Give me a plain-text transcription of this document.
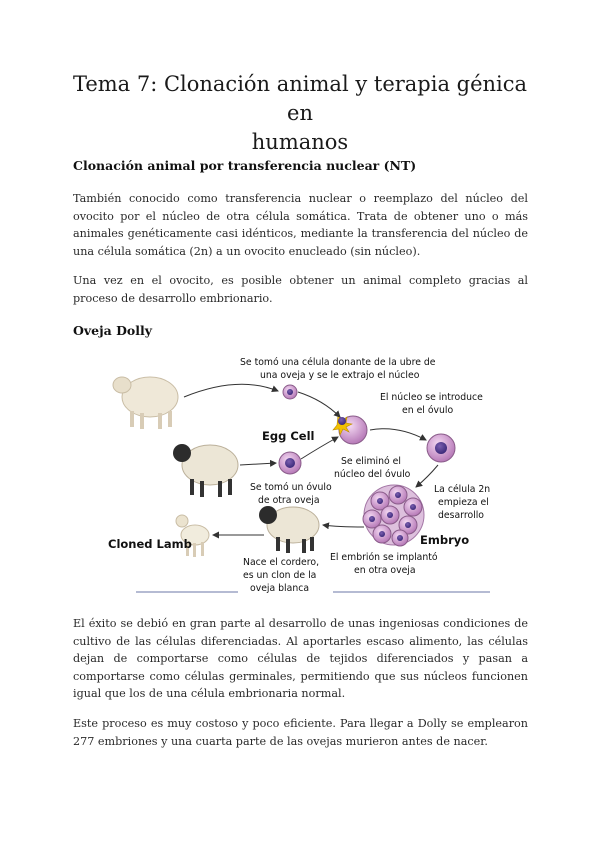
Tema 7: Clonación animal y terapia génica en
humanos
Clonación animal por transferencia nuclear (NT)

También conocido como transferencia nuclear o reemplazo del núcleo del ovocito por el núcleo de otra célula somática. Trata de obtener uno o más animales genéticamente casi idénticos, mediante la transferencia del núcleo de una célula somática (2n) a un ovocito enucleado (sin núcleo).

Una vez en el ovocito, es posible obtener un animal completo gracias al proceso de desarrollo embrionario.

Oveja Dolly
Se tomó una célula donante de la ubre de
una oveja y se le extrajo el núcleo
El núcleo se introduce
en el óvulo
Egg Cell
Se eliminó el
núcleo del óvulo
Se tomó un óvulo
de otra oveja
La célula 2n
empieza el
desarrollo
Embryo
Cloned Lamb
El embrión se implantó
en otra oveja
Nace el cordero,
es un clon de la
oveja blanca

El éxito se debió en gran parte al desarrollo de unas ingeniosas condiciones de cultivo de las células diferenciadas. Al aportarles escaso alimento, las células dejan de comportarse como células de tejidos diferenciados y pasan a comportarse como células germinales, permitiendo que sus núcleos funcionen igual que los de una célula embrionaria normal.

Este proceso es muy costoso y poco eficiente. Para llegar a Dolly se emplearon 277 embriones y una cuarta parte de las ovejas murieron antes de nacer.
